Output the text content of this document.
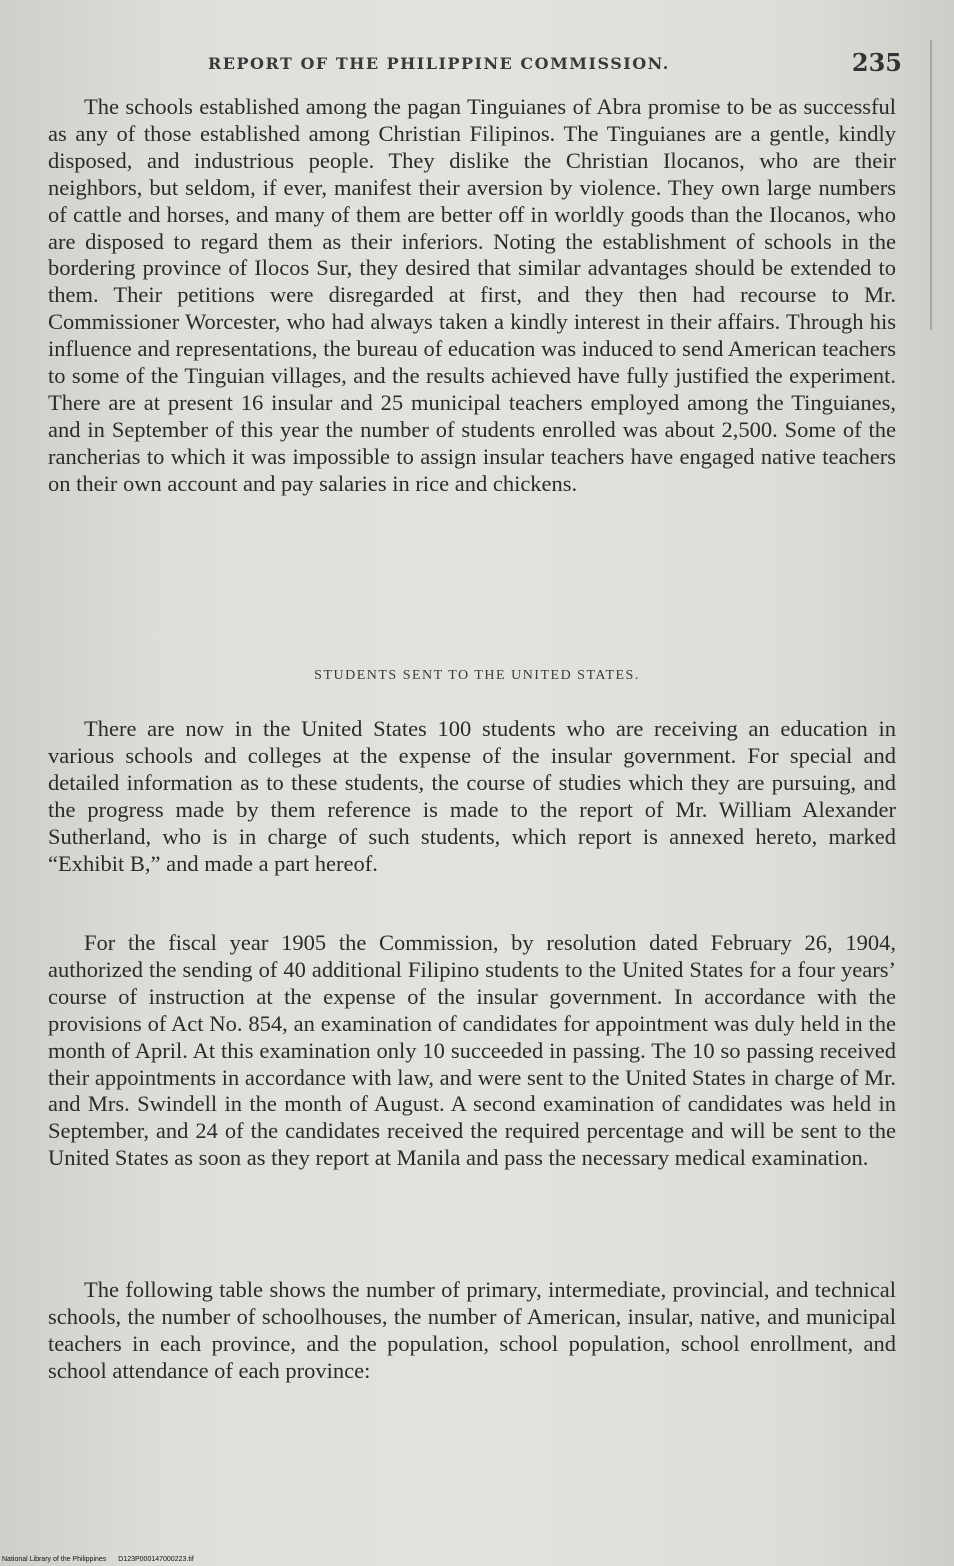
REPORT OF THE PHILIPPINE COMMISSION.	235

The schools established among the pagan Tinguianes of Abra promise to be as successful as any of those established among Christian Filipinos. The Tinguianes are a gentle, kindly disposed, and industrious people. They dislike the Christian Ilocanos, who are their neighbors, but seldom, if ever, manifest their aversion by violence. They own large numbers of cattle and horses, and many of them are better off in worldly goods than the Ilocanos, who are disposed to regard them as their inferiors. Noting the establishment of schools in the bordering province of Ilocos Sur, they desired that similar advantages should be extended to them. Their petitions were disregarded at first, and they then had recourse to Mr. Commissioner Worcester, who had always taken a kindly interest in their affairs. Through his influence and representations, the bureau of education was induced to send American teachers to some of the Tinguian villages, and the results achieved have fully justified the experiment. There are at present 16 insular and 25 municipal teachers employed among the Tinguianes, and in September of this year the number of students enrolled was about 2,500. Some of the rancherias to which it was impossible to assign insular teachers have engaged native teachers on their own account and pay salaries in rice and chickens.

STUDENTS SENT TO THE UNITED STATES.

There are now in the United States 100 students who are receiving an education in various schools and colleges at the expense of the insular government. For special and detailed information as to these students, the course of studies which they are pursuing, and the progress made by them reference is made to the report of Mr. William Alexander Sutherland, who is in charge of such students, which report is annexed hereto, marked “Exhibit B,” and made a part hereof.

For the fiscal year 1905 the Commission, by resolution dated February 26, 1904, authorized the sending of 40 additional Filipino students to the United States for a four years’ course of instruction at the expense of the insular government. In accordance with the provisions of Act No. 854, an examination of candidates for appointment was duly held in the month of April. At this examination only 10 succeeded in passing. The 10 so passing received their appointments in accordance with law, and were sent to the United States in charge of Mr. and Mrs. Swindell in the month of August. A second examination of candidates was held in September, and 24 of the candidates received the required percentage and will be sent to the United States as soon as they report at Manila and pass the necessary medical examination.

The following table shows the number of primary, intermediate, provincial, and technical schools, the number of schoolhouses, the number of American, insular, native, and municipal teachers in each province, and the population, school population, school enrollment, and school attendance of each province:

National Library of the Philippines D123P000147000223.tif
